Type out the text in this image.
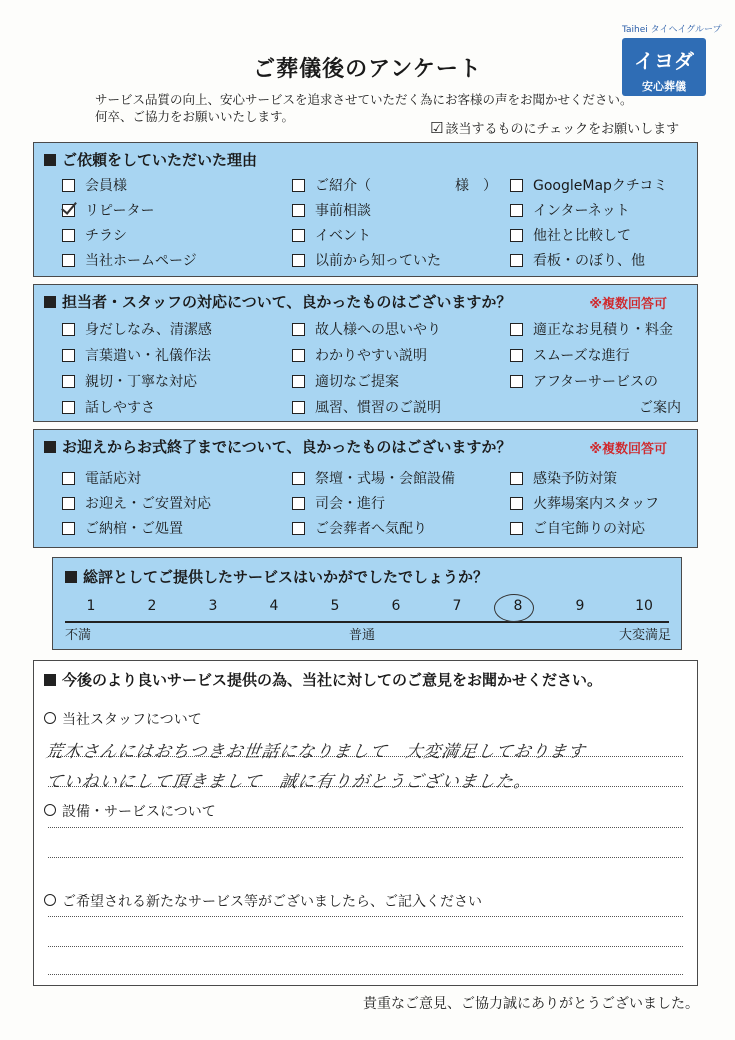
ご葬儀後のアンケート
Taihei タイヘイグループ
イヨダ
安心葬儀
サービス品質の向上、安心サービスを追求させていただく為にお客様の声をお聞かせください。
何卒、ご協力をお願いいたします。
☑ 該当するものにチェックをお願いします
ご依頼をしていただいた理由
会員様	ご紹介（　　　　　　様　）	GoogleMapクチコミ
リピーター	事前相談	インターネット
チラシ	イベント	他社と比較して
当社ホームページ	以前から知っていた	看板・のぼり、他
担当者・スタッフの対応について、良かったものはございますか？	※複数回答可
身だしなみ、清潔感	故人様への思いやり	適正なお見積り・料金
言葉遣い・礼儀作法	わかりやすい説明	スムーズな進行
親切・丁寧な対応	適切なご提案	アフターサービスの
話しやすさ	風習、慣習のご説明	ご案内
お迎えからお式終了までについて、良かったものはございますか？	※複数回答可
電話応対	祭壇・式場・会館設備	感染予防対策
お迎え・ご安置対応	司会・進行	火葬場案内スタッフ
ご納棺・ご処置	ご会葬者へ気配り	ご自宅飾りの対応
総評としてご提供したサービスはいかがでしたでしょうか？
1	2	3	4	5	6	7	8	9	10
不満	普通	大変満足
今後のより良いサービス提供の為、当社に対してのご意見をお聞かせください。
当社スタッフについて
荒木さんにはおちつきお世話になりまして　大変満足しております
ていねいにして頂きまして　誠に有りがとうございました。
設備・サービスについて
ご希望される新たなサービス等がございましたら、ご記入ください
貴重なご意見、ご協力誠にありがとうございました。
